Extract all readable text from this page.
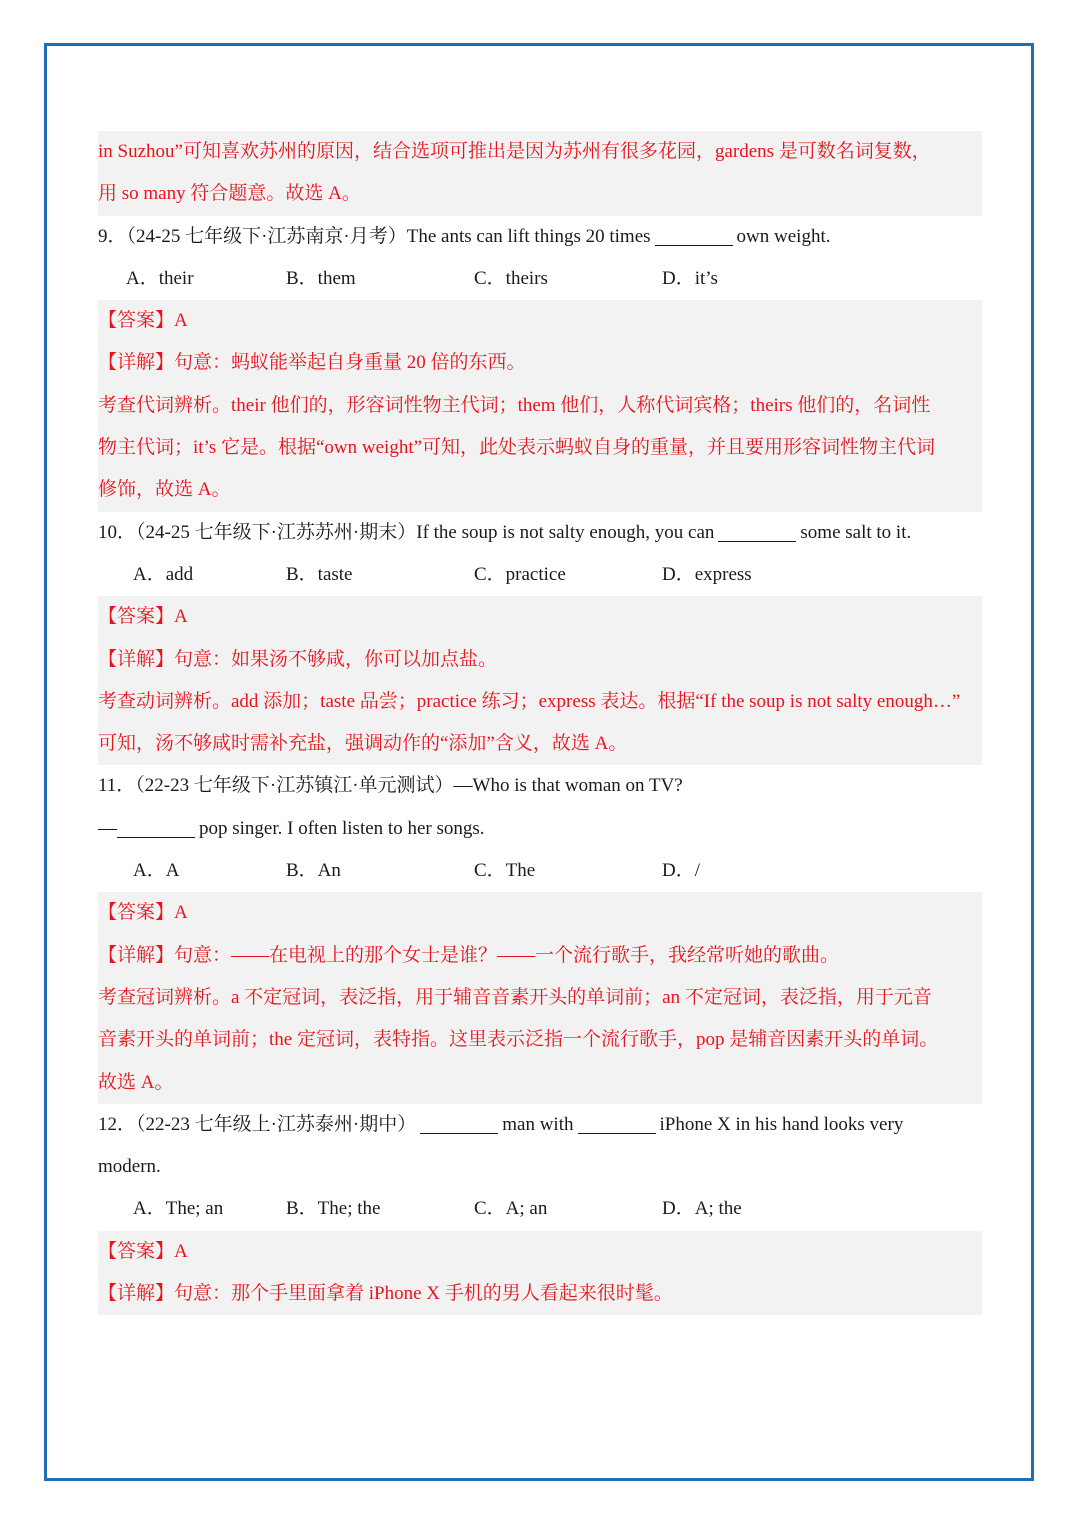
in Suzhou”可知喜欢苏州的原因，结合选项可推出是因为苏州有很多花园，gardens 是可数名词复数，
用 so many 符合题意。故选 A。
9．（24-25 七年级下·江苏南京·月考）The ants can lift things 20 times	own weight.
A．their	B．them	C．theirs	D．it’s
【答案】A
【详解】句意：蚂蚁能举起自身重量 20 倍的东西。
考查代词辨析。their 他们的，形容词性物主代词；them 他们，人称代词宾格；theirs 他们的，名词性
物主代词；it’s 它是。根据“own weight”可知，此处表示蚂蚁自身的重量，并且要用形容词性物主代词
修饰，故选 A。
10．（24-25 七年级下·江苏苏州·期末）If the soup is not salty enough, you can	some salt to it.
A．add	B．taste	C．practice	D．express
【答案】A
【详解】句意：如果汤不够咸，你可以加点盐。
考查动词辨析。add 添加；taste 品尝；practice 练习；express 表达。根据“If the soup is not salty enough…”
可知，汤不够咸时需补充盐，强调动作的“添加”含义，故选 A。
11．（22-23 七年级下·江苏镇江·单元测试）—Who is that woman on TV?
—	pop singer. I often listen to her songs.
A．A	B．An	C．The	D．/
【答案】A
【详解】句意：——在电视上的那个女士是谁？——一个流行歌手，我经常听她的歌曲。
考查冠词辨析。a 不定冠词，表泛指，用于辅音音素开头的单词前；an 不定冠词，表泛指，用于元音
音素开头的单词前；the 定冠词，表特指。这里表示泛指一个流行歌手，pop 是辅音因素开头的单词。
故选 A。
12．（22-23 七年级上·江苏泰州·期中）	man with	iPhone X in his hand looks very
modern.
A．The; an	B．The; the	C．A; an	D．A; the
【答案】A
【详解】句意：那个手里面拿着 iPhone X 手机的男人看起来很时髦。
